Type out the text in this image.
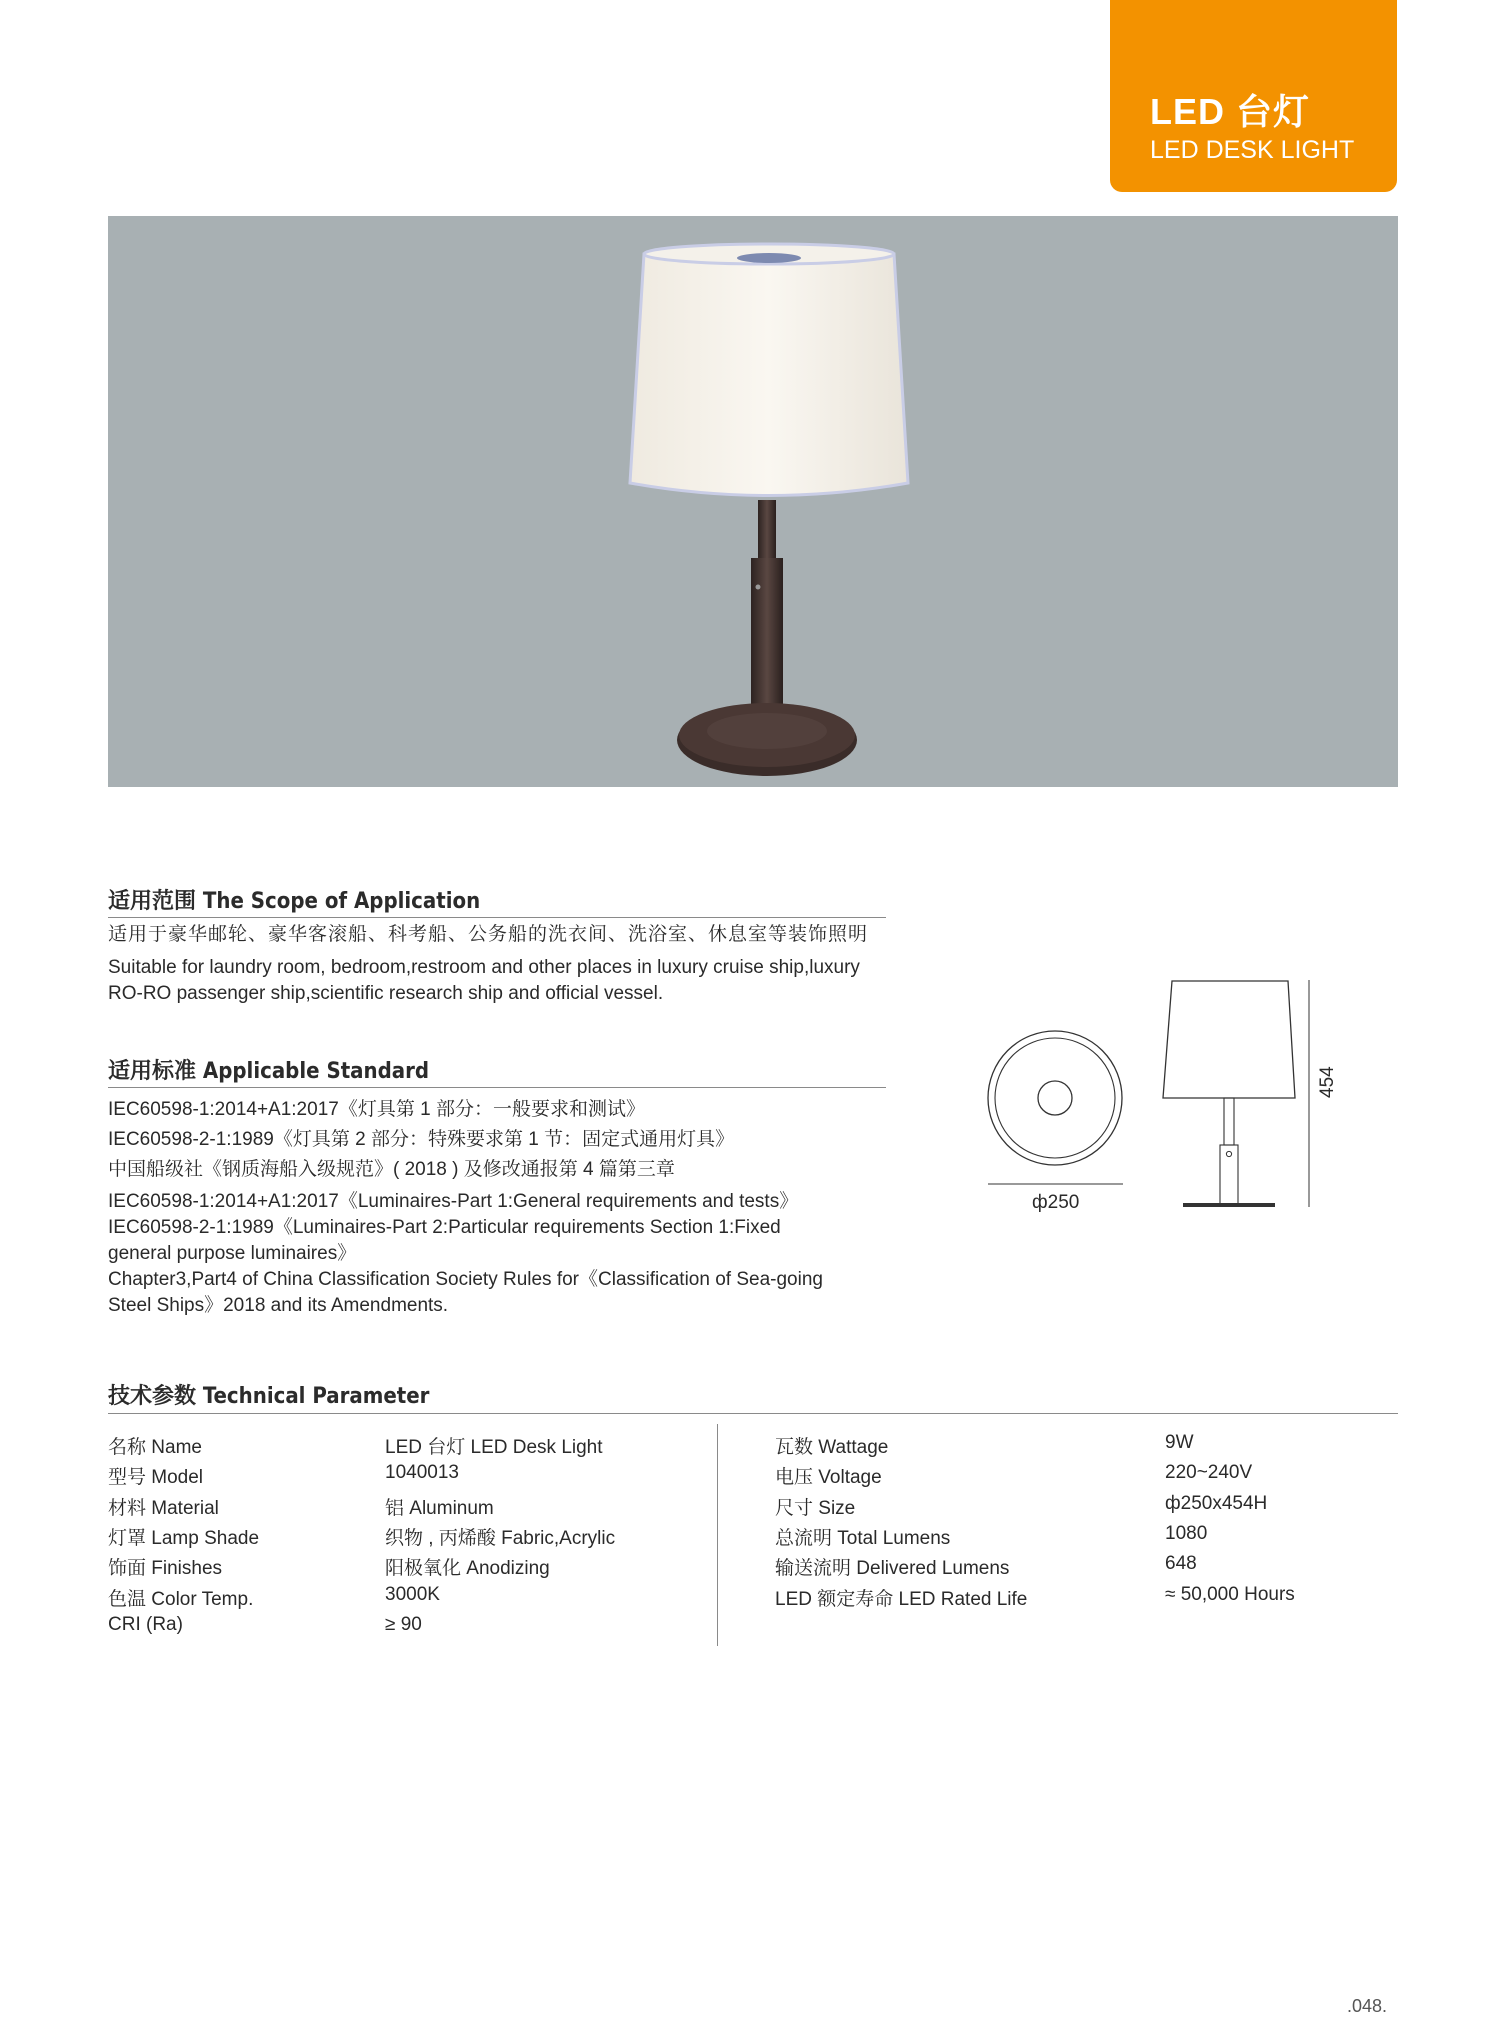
LED 台灯
LED DESK LIGHT
适用范围 The Scope of Application
适用于豪华邮轮、豪华客滚船、科考船、公务船的洗衣间、洗浴室、休息室等装饰照明
Suitable for laundry room, bedroom,restroom and other places in luxury cruise ship,luxury
RO-RO passenger ship,scientific research ship and official vessel.
适用标准 Applicable Standard
IEC60598-1:2014+A1:2017《灯具第 1 部分：一般要求和测试》
IEC60598-2-1:1989《灯具第 2 部分：特殊要求第 1 节：固定式通用灯具》
中国船级社《钢质海船入级规范》( 2018 ) 及修改通报第 4 篇第三章
IEC60598-1:2014+A1:2017《Luminaires-Part 1:General requirements and tests》
IEC60598-2-1:1989《Luminaires-Part 2:Particular requirements Section 1:Fixed
general purpose luminaires》
Chapter3,Part4 of China Classification Society Rules for《Classification of Sea-going
Steel Ships》2018 and its Amendments.
ф250
454
技术参数 Technical Parameter
名称 Name	LED 台灯 LED Desk Light
型号 Model	1040013
材料 Material	铝 Aluminum
灯罩 Lamp Shade	织物 , 丙烯酸 Fabric,Acrylic
饰面 Finishes	阳极氧化 Anodizing
色温 Color Temp.	3000K
CRI (Ra)	≥ 90
瓦数 Wattage	9W
电压 Voltage	220~240V
尺寸 Size	ф250x454H
总流明 Total Lumens	1080
输送流明 Delivered Lumens	648
LED 额定寿命 LED Rated Life	≈ 50,000 Hours
.048.
